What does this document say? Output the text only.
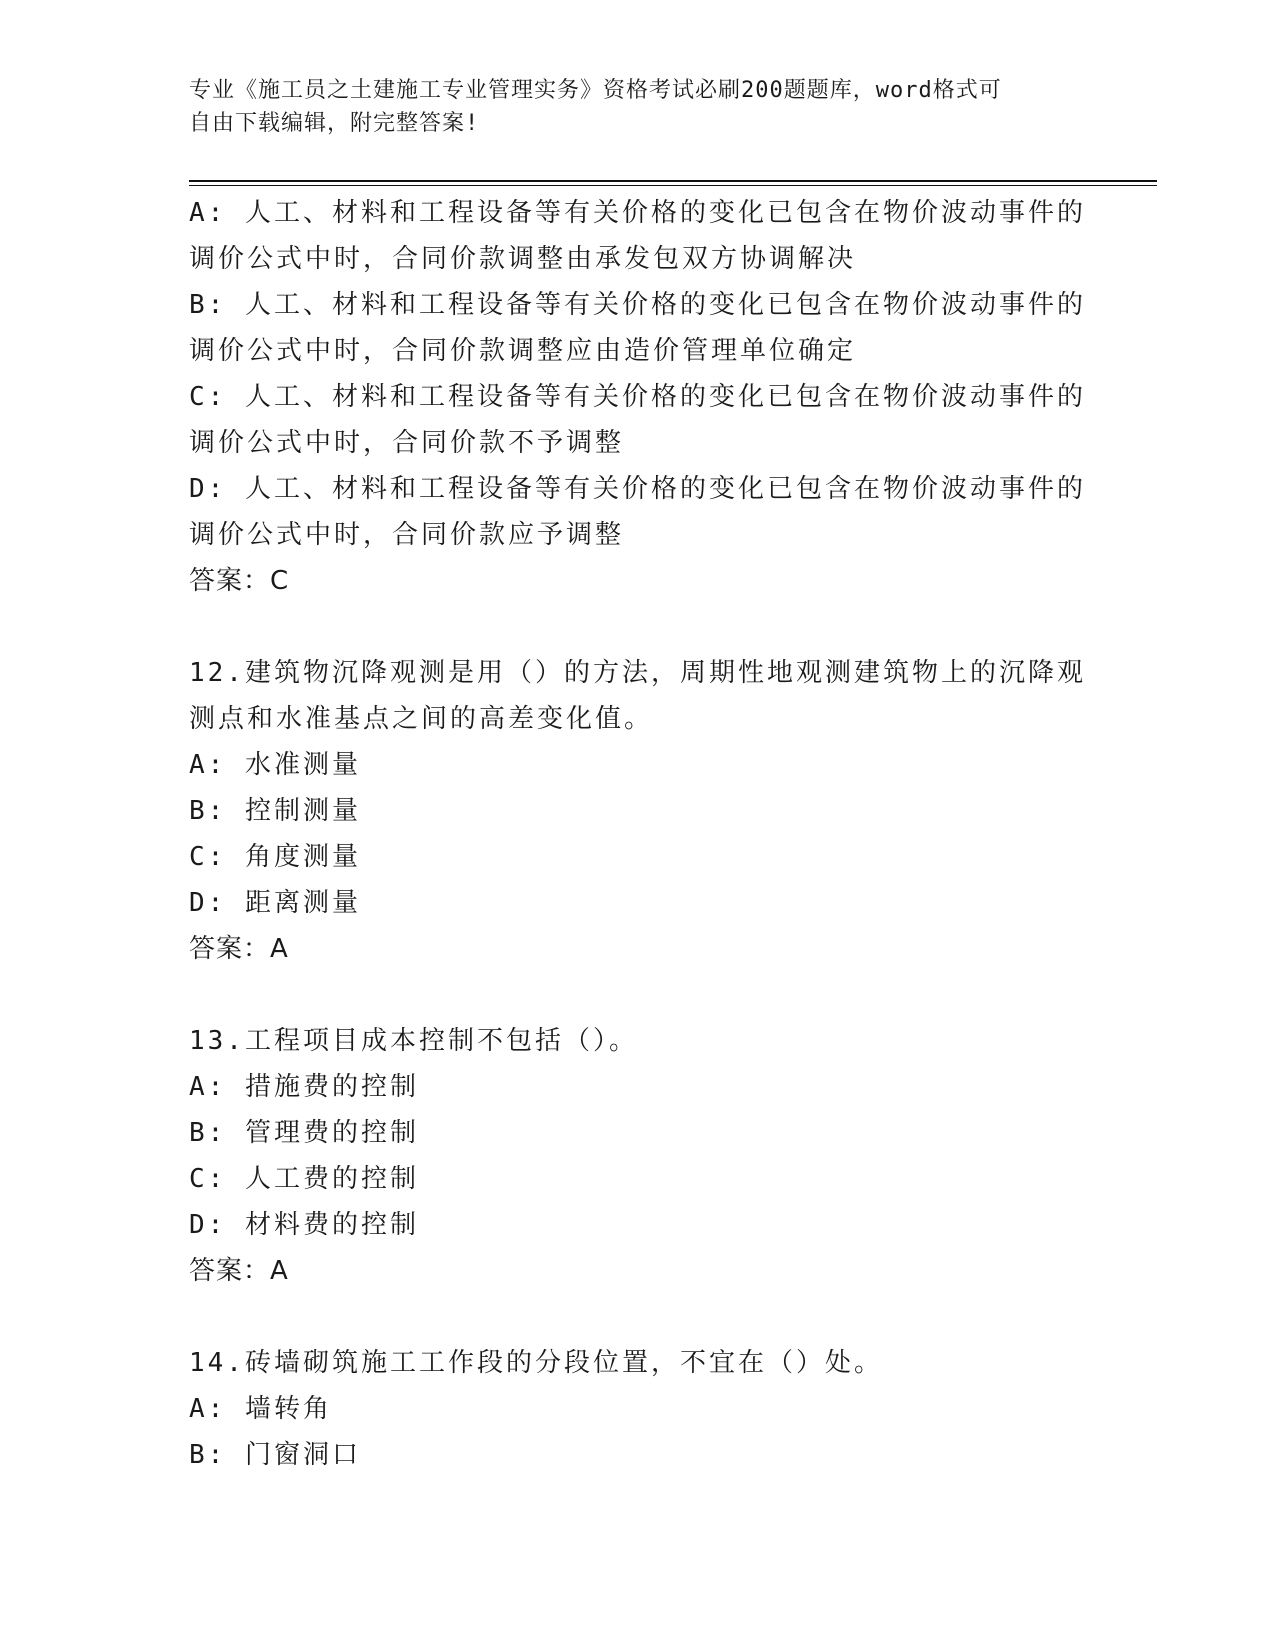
专业《施工员之土建施工专业管理实务》资格考试必刷200题题库，word格式可
自由下载编辑，附完整答案!
A: 人工、材料和工程设备等有关价格的变化已包含在物价波动事件的
调价公式中时，合同价款调整由承发包双方协调解决
B: 人工、材料和工程设备等有关价格的变化已包含在物价波动事件的
调价公式中时，合同价款调整应由造价管理单位确定
C: 人工、材料和工程设备等有关价格的变化已包含在物价波动事件的
调价公式中时，合同价款不予调整
D: 人工、材料和工程设备等有关价格的变化已包含在物价波动事件的
调价公式中时，合同价款应予调整
答案：C
12.建筑物沉降观测是用（）的方法，周期性地观测建筑物上的沉降观
测点和水准基点之间的高差变化值。
A: 水准测量
B: 控制测量
C: 角度测量
D: 距离测量
答案：A
13.工程项目成本控制不包括（）。
A: 措施费的控制
B: 管理费的控制
C: 人工费的控制
D: 材料费的控制
答案：A
14.砖墙砌筑施工工作段的分段位置，不宜在（）处。
A: 墙转角
B: 门窗洞口
